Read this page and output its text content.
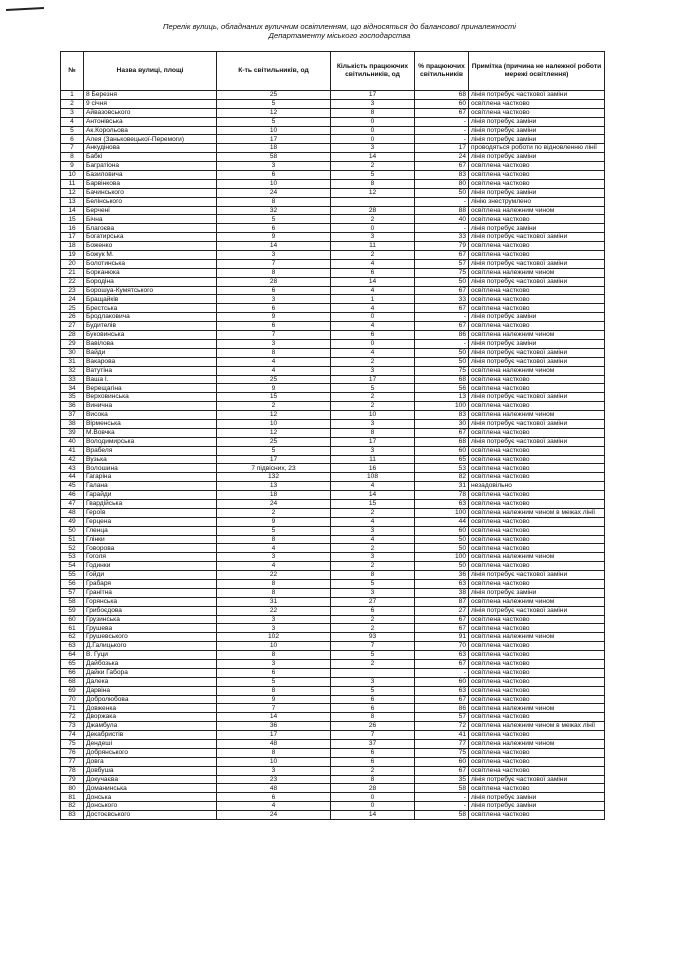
Перелік вулиць, обладнаних вуличним освітленням, що відносяться до балансової приналежності
Департаменту міського господарства
№	Назва вулиці, площі	К-ть світильників, од	Кількість працюючих світильників, од	% працюючих світильників	Примітка (причина не належної роботи мережі освітлення)
1	8 Березня	25	17	68	лінія потребує часткової заміни
2	9 січня	5	3	60	освітлена частково
3	Айвазовського	12	8	67	освітлена частково
4	Антонівська	5	0	-	лінія потребує заміни
5	Ак.Корольова	10	0	-	лінія потребує заміни
6	Алея (Заньковецької-Перемоги)	17	0	-	лінія потребує заміни
7	Анкудінова	18	3	17	проводяться роботи по відновленню лінії
8	Бабкі	58	14	24	лінія потребує заміни
9	Багратіона	3	2	67	освітлена частково
10	Базиловича	6	5	83	освітлена частково
11	Барвінкова	10	8	80	освітлена частково
12	Бачинського	24	12	50	лінія потребує заміни
13	Белінського	8		-	лінію знеструмлено
14	Берчені	32	28	88	освітлена належним чином
15	Бічна	5	2	40	освітлена частково
16	Благоєва	6	0	-	лінія потребує заміни
17	Богатирська	9	3	33	лінія потребує часткової заміни
18	Боженко	14	11	79	освітлена частково
19	Божук М.	3	2	67	освітлена частково
20	Болотинська	7	4	57	лінія потребує часткової заміни
21	Борканюка	8	6	75	освітлена належним чином
22	Бородіна	28	14	50	лінія потребує часткової заміни
23	Борошуа-Кумятського	6	4	67	освітлена частково
24	Бращайків	3	1	33	освітлена частково
25	Брестська	6	4	67	освітлена частково
26	Бродлаковича	9	0	-	лінія потребує заміни
27	Будителів	6	4	67	освітлена частково
28	Буковинська	7	6	86	освітлена належним чином
29	Вавілова	3	0	-	лінія потребує заміни
30	Вайди	8	4	50	лінія потребує часткової заміни
31	Вакарова	4	2	50	лінія потребує часткової заміни
32	Ватутіна	4	3	75	освітлена належним чином
33	Ваша І.	25	17	68	освітлена частково
34	Верещагіна	9	5	56	освітлена частково
35	Верховинська	15	2	13	лінія потребує часткової заміни
36	Винична	2	2	100	освітлена частково
37	Висока	12	10	83	освітлена належним чином
38	Вірменська	10	3	30	лінія потребує часткової заміни
39	М.Вовчка	12	8	67	освітлена частково
40	Володимирська	25	17	68	лінія потребує часткової заміни
41	Врабеля	5	3	60	освітлена частково
42	Вузька	17	11	65	освітлена частково
43	Волошина	7 підвісних, 23	16	53	освітлена частково
44	Гагаріна	132	108	82	освітлена частково
45	Галана	13	4	31	незадовільно
46	Гарайди	18	14	78	освітлена частково
47	Гвардійська	24	15	63	освітлена частково
48	Героїв	2	2	100	освітлена належним чином в межах лінії
49	Герцена	9	4	44	освітлена частково
50	Гленца	5	3	60	освітлена частково
51	Глінки	8	4	50	освітлена частково
52	Говорова	4	2	50	освітлена частково
53	Гоголя	3	3	100	освітлена належним чином
54	Годинки	4	2	50	освітлена частково
55	Гойди	22	8	36	лінія потребує часткової заміни
56	Грабаря	8	5	63	освітлена частково
57	Гранітна	8	3	38	лінія потребує заміни
58	Горянська	31	27	87	освітлена належним чином
59	Грибоєдова	22	6	27	лінія потребує часткової заміни
60	Грузинська	3	2	67	освітлена частково
61	Грушева	3	2	67	освітлена частково
62	Грушевського	102	93	91	освітлена належним чином
63	Д.Галицького	10	7	70	освітлена частково
64	В. Гуци	8	5	63	освітлена частково
65	Дайбозька	3	2	67	освітлена частково
66	Дайки Габора	6		-	освітлена частково
68	Далека	5	3	60	освітлена частково
69	Дарвіна	8	5	63	освітлена частково
70	Добролюбова	9	6	67	освітлена частково
71	Довженка	7	6	86	освітлена належним чином
72	Дворжака	14	8	57	освітлена частково
73	Джамбула	36	26	72	освітлена належним чином в межах лінії
74	Декабристів	17	7	41	освітлена частково
75	Дендеші	48	37	77	освітлена належним чином
76	Добрянського	8	6	75	освітлена частково
77	Довга	10	6	60	освітлена частково
78	Довбуша	3	2	67	освітлена частково
79	Докучаєва	23	8	35	лінія потребує часткової заміни
80	Доманинська	48	28	58	освітлена частково
81	Донська	6	0	-	лінія потребує заміни
82	Донського	4	0	-	лінія потребує заміни
83	Достоєвського	24	14	58	освітлена частково
